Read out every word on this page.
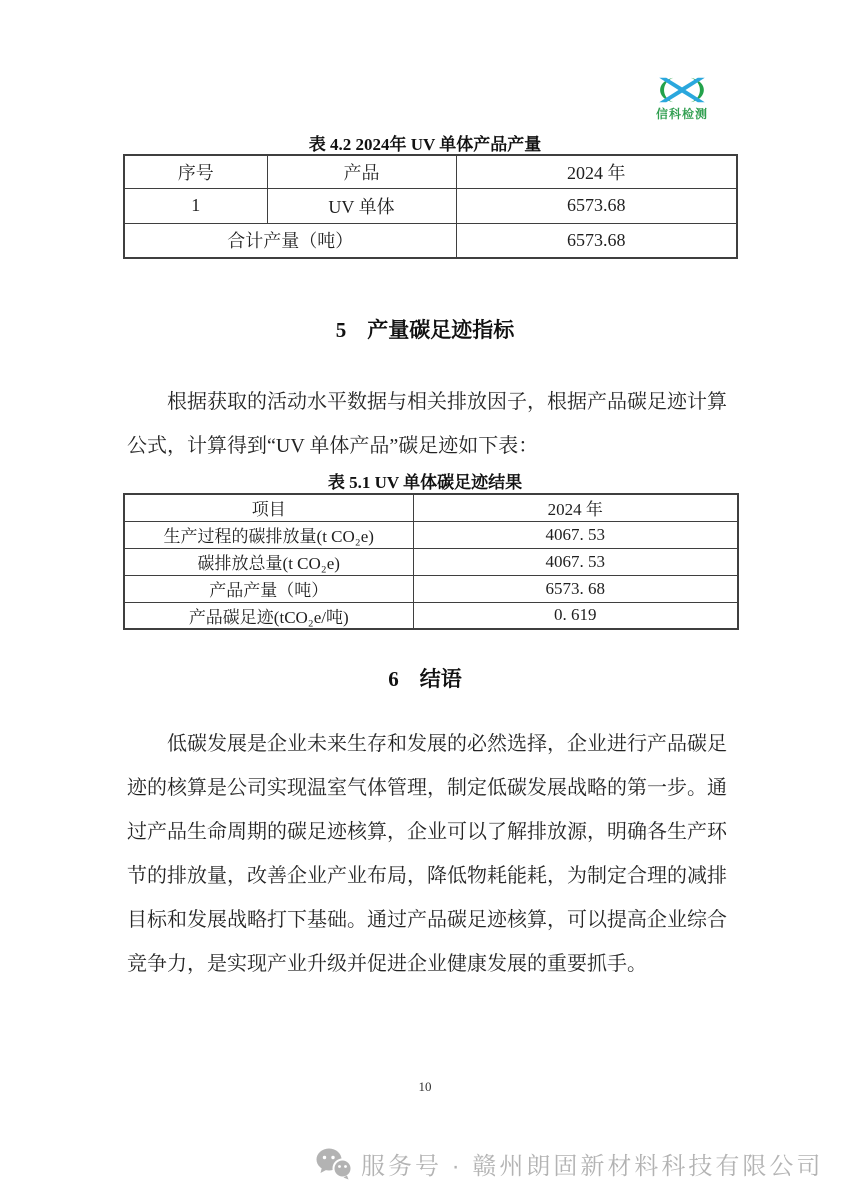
信科检测
表 4.2 2024年 UV 单体产品产量
序号	产品	2024 年
1	UV 单体	6573.68
合计产量（吨）		6573.68
5　产量碳足迹指标
根据获取的活动水平数据与相关排放因子，根据产品碳足迹计算公式，计算得到“UV 单体产品”碳足迹如下表：
表 5.1 UV 单体碳足迹结果
项目	2024 年
生产过程的碳排放量(t CO₂e)	4067. 53
碳排放总量(t CO₂e)	4067. 53
产品产量（吨）	6573. 68
产品碳足迹(tCO₂e/吨)	0. 619
6　结语
低碳发展是企业未来生存和发展的必然选择，企业进行产品碳足迹的核算是公司实现温室气体管理，制定低碳发展战略的第一步。通过产品生命周期的碳足迹核算，企业可以了解排放源，明确各生产环节的排放量，改善企业产业布局，降低物耗能耗，为制定合理的减排目标和发展战略打下基础。通过产品碳足迹核算，可以提高企业综合竞争力，是实现产业升级并促进企业健康发展的重要抓手。
10
服务号 · 赣州朗固新材料科技有限公司
